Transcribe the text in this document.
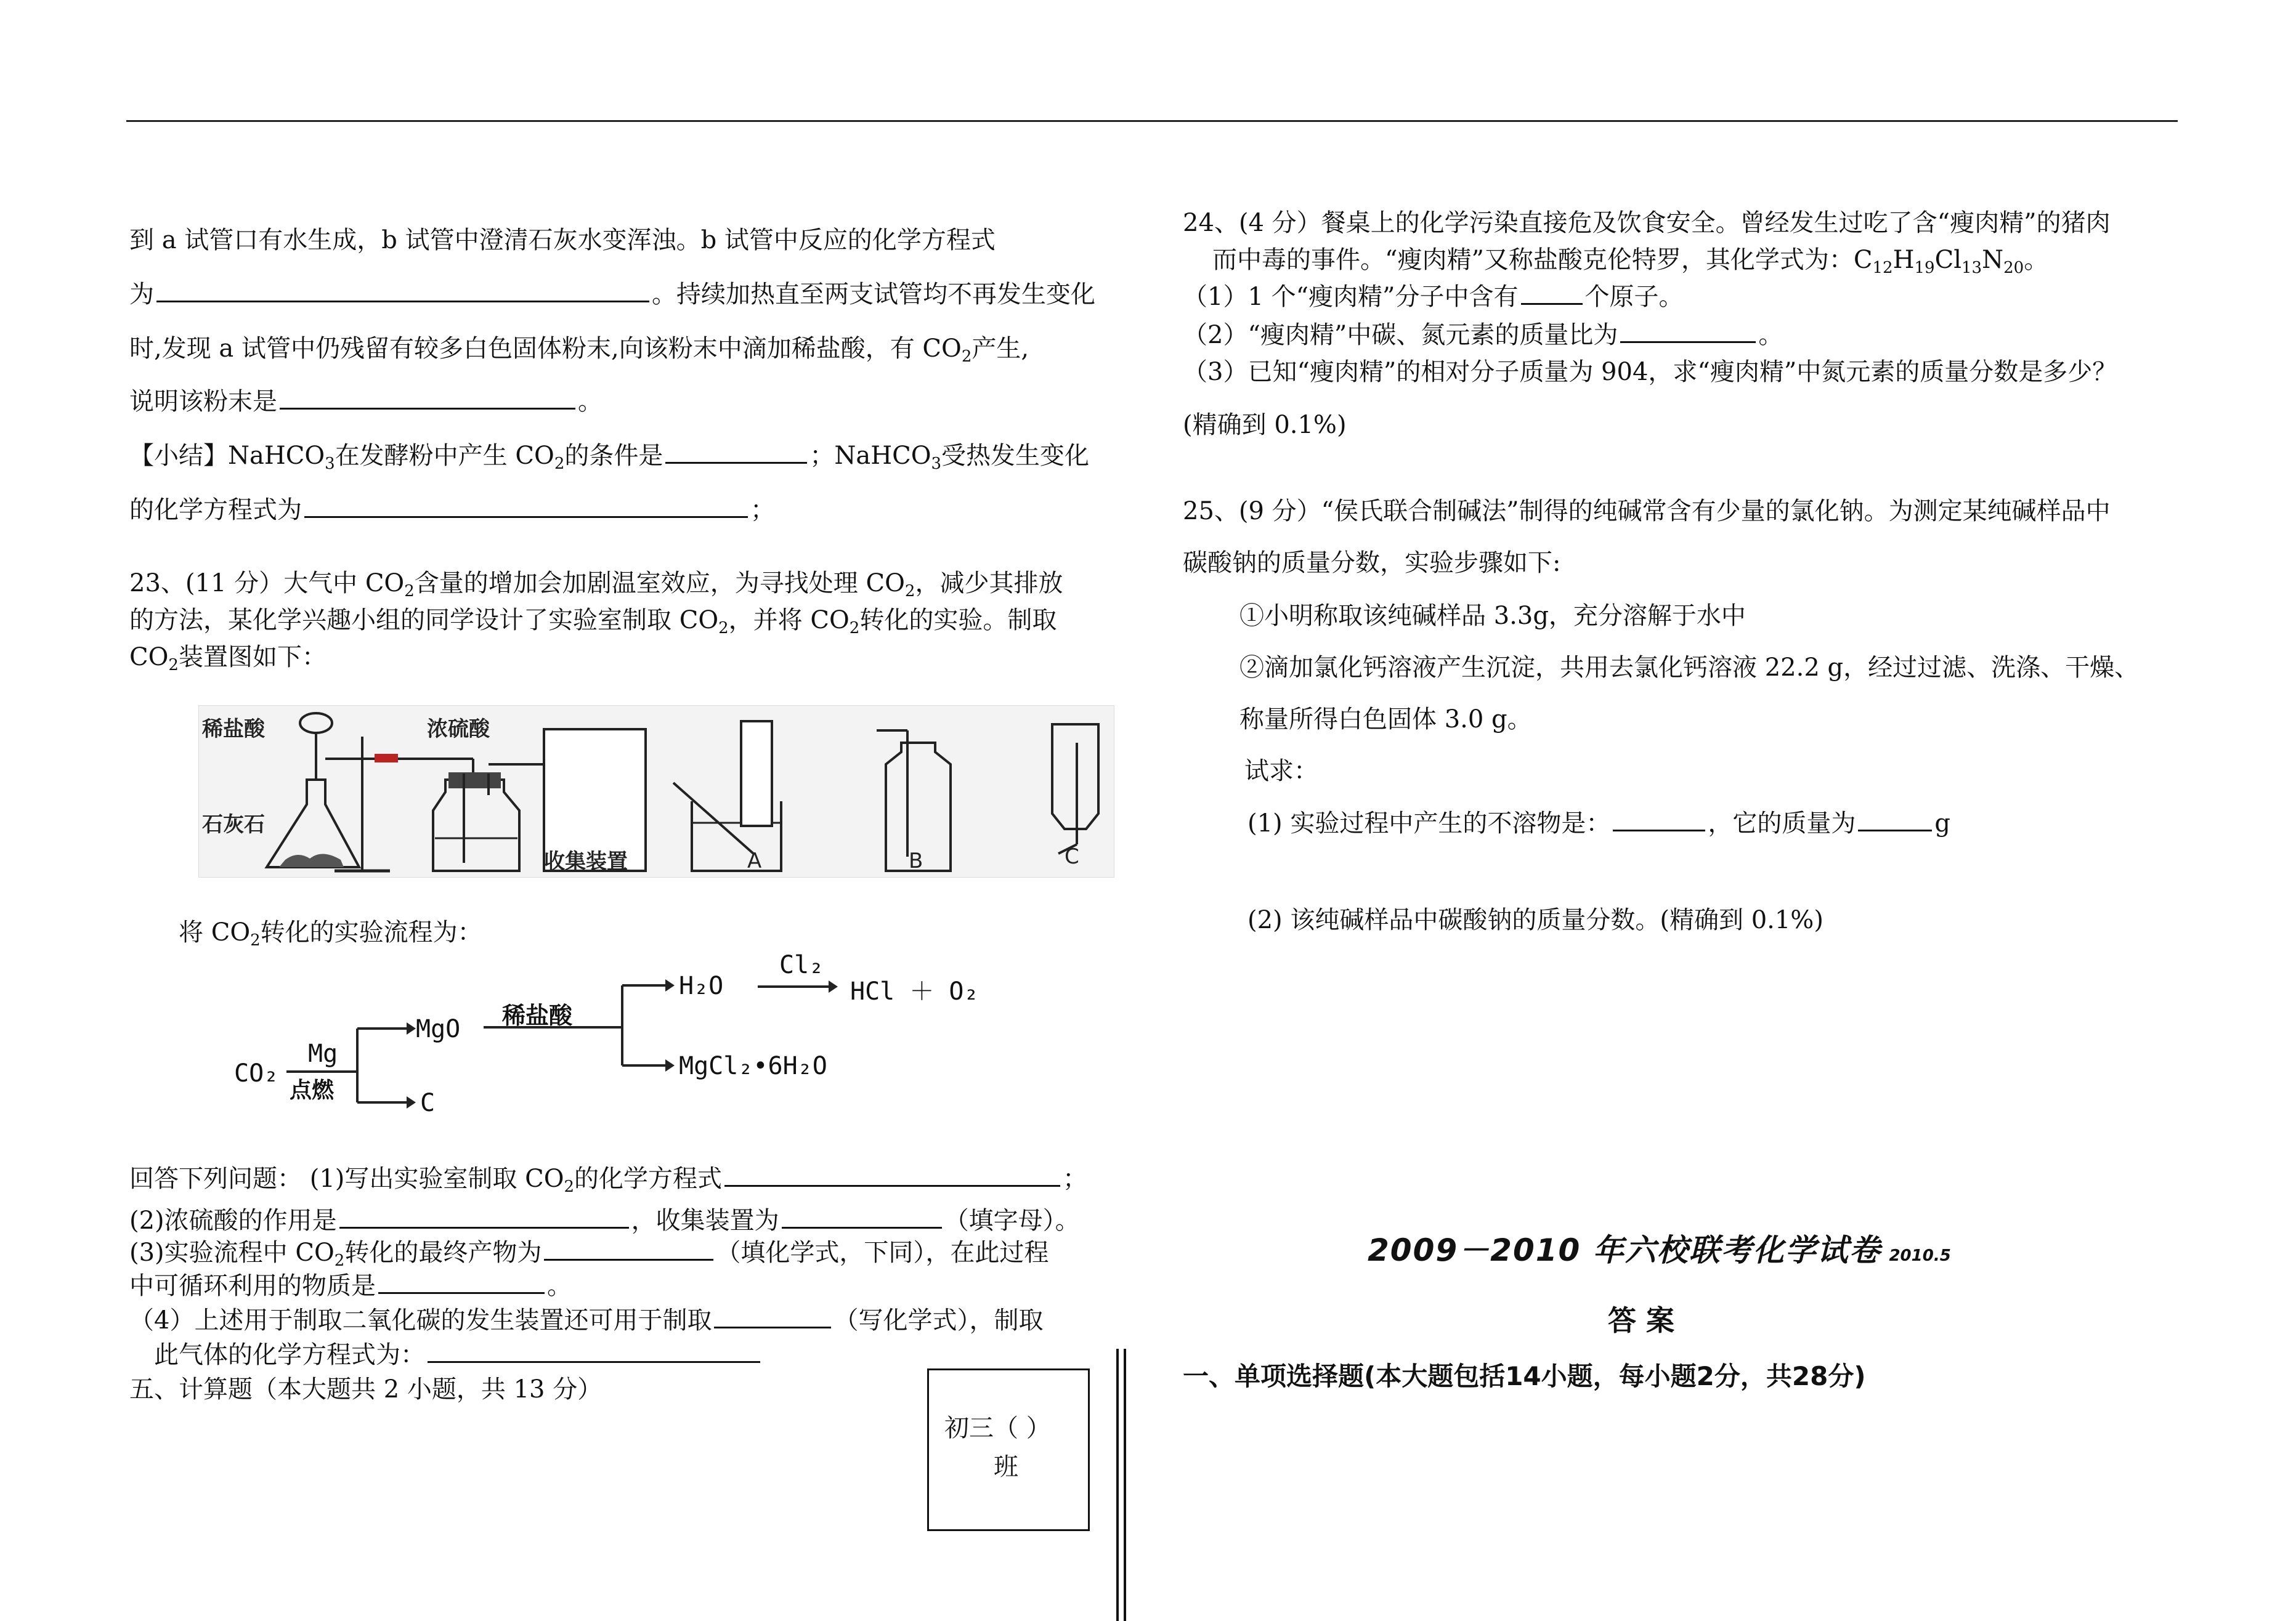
到 a 试管口有水生成，b 试管中澄清石灰水变浑浊。b 试管中反应的化学方程式
为	。持续加热直至两支试管均不再发生变化
时,发现 a 试管中仍残留有较多白色固体粉末,向该粉末中滴加稀盐酸，有 $CO_2$产生,
说明该粉末是	。
【小结】NaHCO$_3$在发酵粉中产生 $CO_2$的条件是	；NaHCO$_3$受热发生变化
的化学方程式为	；
23、(11 分）大气中 $CO_2$含量的增加会加剧温室效应，为寻找处理 $CO_2$，减少其排放
的方法，某化学兴趣小组的同学设计了实验室制取 $CO_2$，并将 $CO_2$转化的实验。制取
$CO_2$装置图如下：
稀盐酸	浓硫酸
石灰石
收集装置	A	B	C
将 $CO_2$转化的实验流程为：
CO₂
Mg
点燃
MgO 稀盐酸
H₂O
Cl₂
HCl ＋ O₂
MgCl₂•6H₂O
C
回答下列问题： (1)写出实验室制取 $CO_2$的化学方程式	；
(2)浓硫酸的作用是	，收集装置为	（填字母）。
(3)实验流程中 $CO_2$转化的最终产物为	（填化学式，下同），在此过程
中可循环利用的物质是	。
（4）上述用于制取二氧化碳的发生装置还可用于制取	（写化学式），制取
此气体的化学方程式为：
五、计算题（本大题共 2 小题，共 13 分）
初三（ ）
班
24、(4 分）餐桌上的化学污染直接危及饮食安全。曾经发生过吃了含“瘦肉精”的猪肉
而中毒的事件。“瘦肉精”又称盐酸克伦特罗，其化学式为：$C_{12}H_{19}Cl_{13}N_{20}$。
（1）1 个“瘦肉精”分子中含有	个原子。
（2）“瘦肉精”中碳、氮元素的质量比为	。
（3）已知“瘦肉精”的相对分子质量为 904，求“瘦肉精”中氮元素的质量分数是多少？
(精确到 0.1%)
25、(9 分）“侯氏联合制碱法”制得的纯碱常含有少量的氯化钠。为测定某纯碱样品中
碳酸钠的质量分数，实验步骤如下:
①小明称取该纯碱样品 3.3g，充分溶解于水中
②滴加氯化钙溶液产生沉淀，共用去氯化钙溶液 22.2 g，经过过滤、洗涤、干燥、
称量所得白色固体 3.0 g。
试求：
(1) 实验过程中产生的不溶物是：	，它的质量为	g
(2) 该纯碱样品中碳酸钠的质量分数。(精确到 0.1%)
2009－2010 年六校联考化学试卷 2010.5
答 案
一、单项选择题(本大题包括14小题，每小题2分，共28分)
